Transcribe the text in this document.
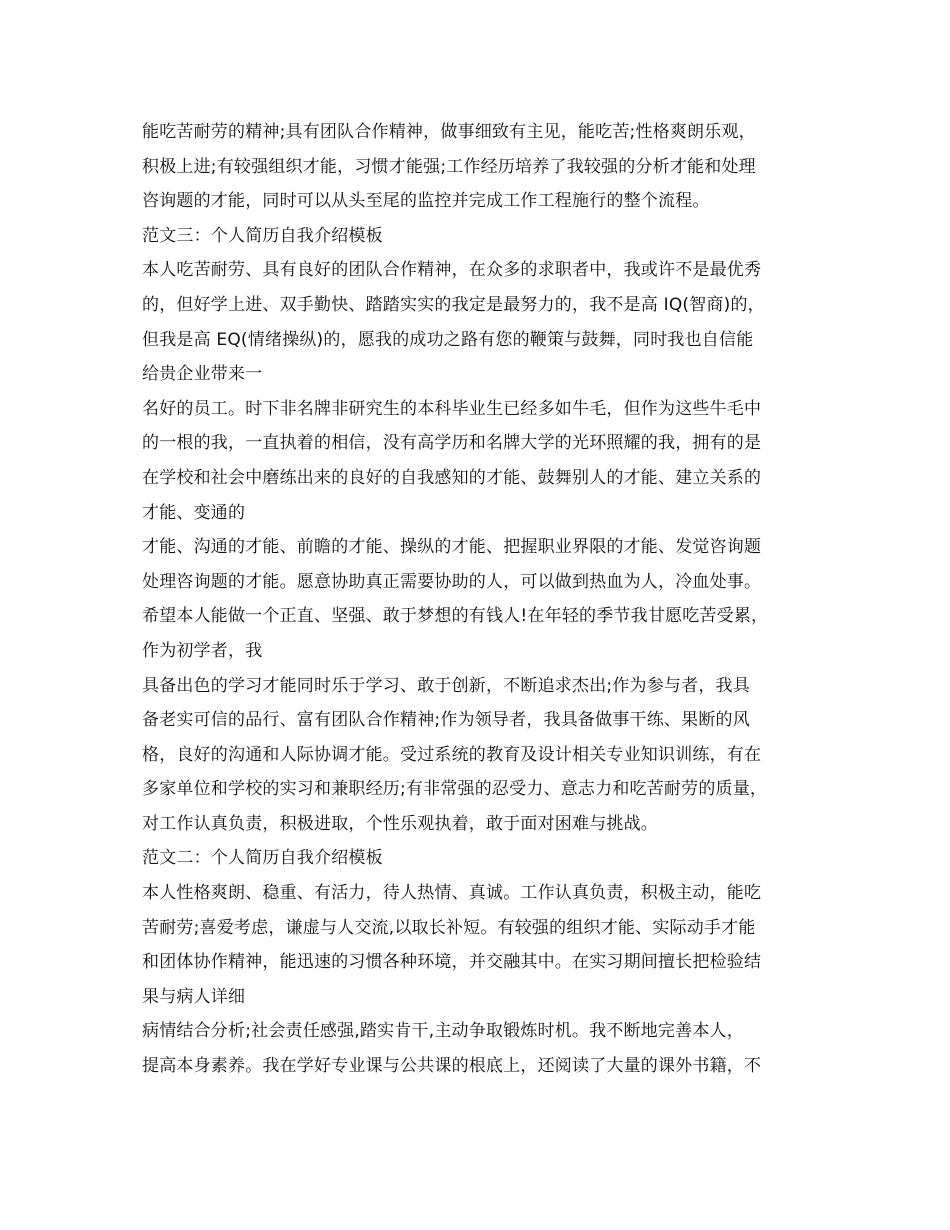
能吃苦耐劳的精神;具有团队合作精神，做事细致有主见，能吃苦;性格爽朗乐观，
积极上进;有较强组织才能，习惯才能强;工作经历培养了我较强的分析才能和处理
咨询题的才能，同时可以从头至尾的监控并完成工作工程施行的整个流程。
范文三：个人简历自我介绍模板
本人吃苦耐劳、具有良好的团队合作精神，在众多的求职者中，我或许不是最优秀
的，但好学上进、双手勤快、踏踏实实的我定是最努力的，我不是高 IQ(智商)的，
但我是高 EQ(情绪操纵)的，愿我的成功之路有您的鞭策与鼓舞，同时我也自信能
给贵企业带来一
名好的员工。时下非名牌非研究生的本科毕业生已经多如牛毛，但作为这些牛毛中
的一根的我，一直执着的相信，没有高学历和名牌大学的光环照耀的我，拥有的是
在学校和社会中磨练出来的良好的自我感知的才能、鼓舞别人的才能、建立关系的
才能、变通的
才能、沟通的才能、前瞻的才能、操纵的才能、把握职业界限的才能、发觉咨询题
处理咨询题的才能。愿意协助真正需要协助的人，可以做到热血为人，冷血处事。
希望本人能做一个正直、坚强、敢于梦想的有钱人!在年轻的季节我甘愿吃苦受累，
作为初学者，我
具备出色的学习才能同时乐于学习、敢于创新，不断追求杰出;作为参与者，我具
备老实可信的品行、富有团队合作精神;作为领导者，我具备做事干练、果断的风
格，良好的沟通和人际协调才能。受过系统的教育及设计相关专业知识训练，有在
多家单位和学校的实习和兼职经历;有非常强的忍受力、意志力和吃苦耐劳的质量，
对工作认真负责，积极进取，个性乐观执着，敢于面对困难与挑战。
范文二：个人简历自我介绍模板
本人性格爽朗、稳重、有活力，待人热情、真诚。工作认真负责，积极主动，能吃
苦耐劳;喜爱考虑，谦虚与人交流,以取长补短。有较强的组织才能、实际动手才能
和团体协作精神，能迅速的习惯各种环境，并交融其中。在实习期间擅长把检验结
果与病人详细
病情结合分析;社会责任感强,踏实肯干,主动争取锻炼时机。我不断地完善本人，
提高本身素养。我在学好专业课与公共课的根底上，还阅读了大量的课外书籍，不
